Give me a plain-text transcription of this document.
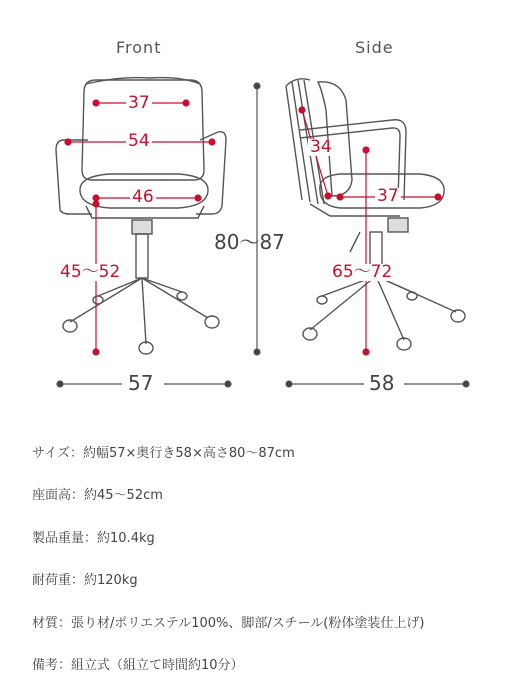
Front	Side
37
54
46
45～52
34
37
65～72
80～87
57	58
サイズ： 約幅57×奥行き58×高さ80～87cm
座面高： 約45～52cm
製品重量： 約10.4kg
耐荷重： 約120kg
材質： 張り材/ポリエステル100%、脚部/スチール(粉体塗装仕上げ)
備考： 組立式（組立て時間約10分）
